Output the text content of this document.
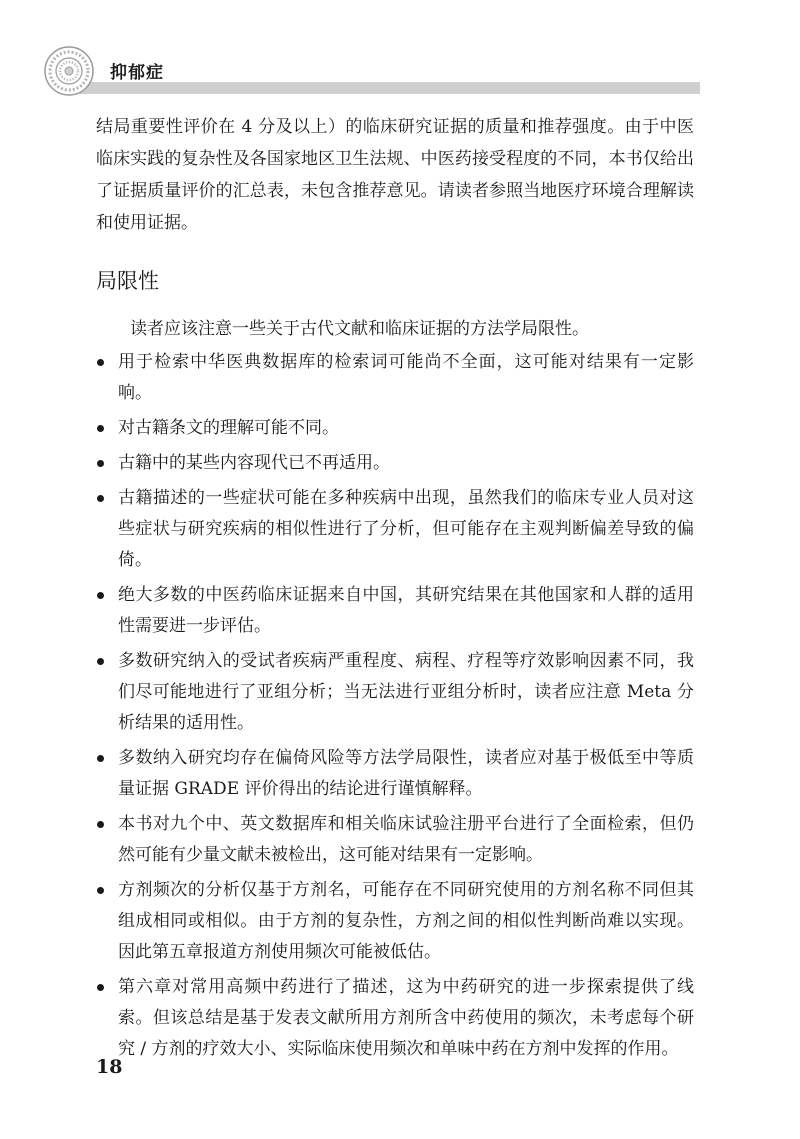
抑郁症

结局重要性评价在 4 分及以上）的临床研究证据的质量和推荐强度。由于中医临床实践的复杂性及各国家地区卫生法规、中医药接受程度的不同，本书仅给出了证据质量评价的汇总表，未包含推荐意见。请读者参照当地医疗环境合理解读和使用证据。

局限性

读者应该注意一些关于古代文献和临床证据的方法学局限性。

用于检索中华医典数据库的检索词可能尚不全面，这可能对结果有一定影响。
对古籍条文的理解可能不同。
古籍中的某些内容现代已不再适用。
古籍描述的一些症状可能在多种疾病中出现，虽然我们的临床专业人员对这些症状与研究疾病的相似性进行了分析，但可能存在主观判断偏差导致的偏倚。
绝大多数的中医药临床证据来自中国，其研究结果在其他国家和人群的适用性需要进一步评估。
多数研究纳入的受试者疾病严重程度、病程、疗程等疗效影响因素不同，我们尽可能地进行了亚组分析；当无法进行亚组分析时，读者应注意 Meta 分析结果的适用性。
多数纳入研究均存在偏倚风险等方法学局限性，读者应对基于极低至中等质量证据 GRADE 评价得出的结论进行谨慎解释。
本书对九个中、英文数据库和相关临床试验注册平台进行了全面检索，但仍然可能有少量文献未被检出，这可能对结果有一定影响。
方剂频次的分析仅基于方剂名，可能存在不同研究使用的方剂名称不同但其组成相同或相似。由于方剂的复杂性，方剂之间的相似性判断尚难以实现。因此第五章报道方剂使用频次可能被低估。
第六章对常用高频中药进行了描述，这为中药研究的进一步探索提供了线索。但该总结是基于发表文献所用方剂所含中药使用的频次，未考虑每个研究 / 方剂的疗效大小、实际临床使用频次和单味中药在方剂中发挥的作用。
18
